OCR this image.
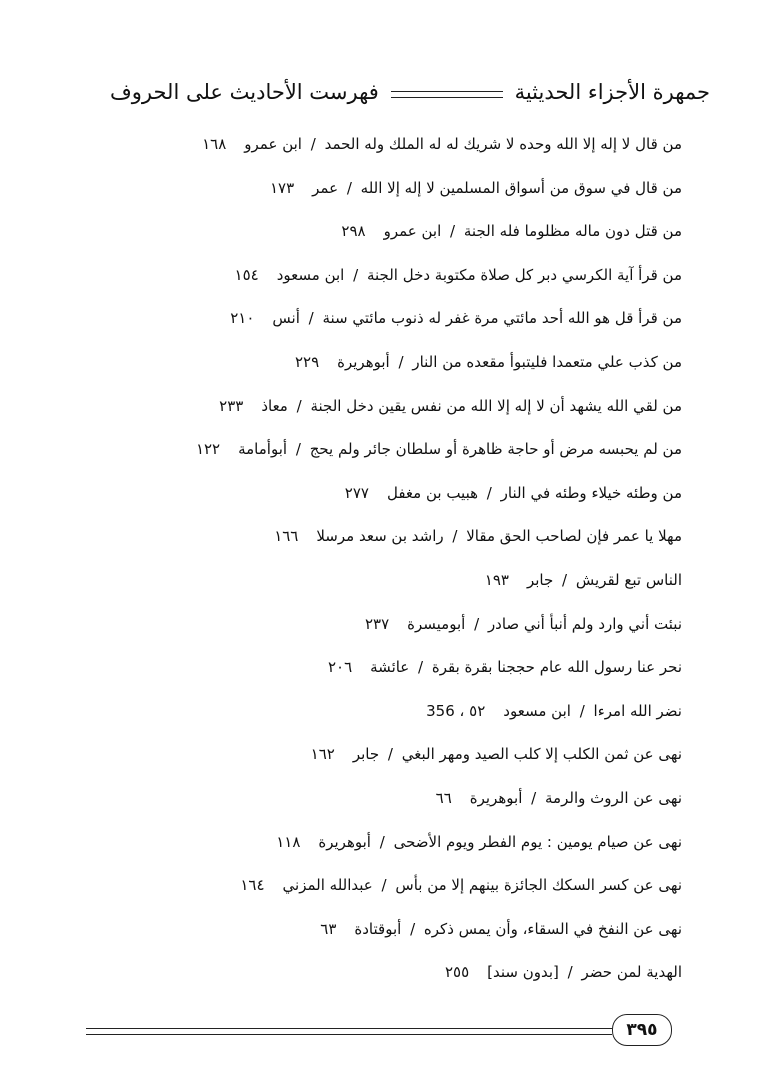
جمهرة الأجزاء الحديثية
فهرست الأحاديث على الحروف
من قال لا إله إلا الله وحده لا شريك له له الملك وله الحمد / ابن عمرو١٦٨
من قال في سوق من أسواق المسلمين لا إله إلا الله / عمر١٧٣
من قتل دون ماله مظلوما فله الجنة / ابن عمرو٢٩٨
من قرأ آية الكرسي دبر كل صلاة مكتوبة دخل الجنة / ابن مسعود١٥٤
من قرأ قل هو الله أحد مائتي مرة غفر له ذنوب مائتي سنة / أنس٢١٠
من كذب علي متعمدا فليتبوأ مقعده من النار / أبوهريرة٢٢٩
من لقي الله يشهد أن لا إله إلا الله من نفس يقين دخل الجنة / معاذ٢٣٣
من لم يحبسه مرض أو حاجة ظاهرة أو سلطان جائر ولم يحج / أبوأمامة١٢٢
من وطئه خيلاء وطئه في النار / هبيب بن مغفل٢٧٧
مهلا يا عمر فإن لصاحب الحق مقالا / راشد بن سعد مرسلا١٦٦
الناس تبع لقريش / جابر١٩٣
نبئت أني وارد ولم أنبأ أني صادر / أبوميسرة٢٣٧
نحر عنا رسول الله عام حججنا بقرة بقرة / عائشة٢٠٦
نضر الله امرءا / ابن مسعود٥٢ ، 356
نهى عن ثمن الكلب إلا كلب الصيد ومهر البغي / جابر١٦٢
نهى عن الروث والرمة / أبوهريرة٦٦
نهى عن صيام يومين : يوم الفطر ويوم الأضحى / أبوهريرة١١٨
نهى عن كسر السكك الجائزة بينهم إلا من بأس / عبدالله المزني١٦٤
نهى عن النفخ في السقاء، وأن يمس ذكره / أبوقتادة٦٣
الهدية لمن حضر / [بدون سند]٢٥٥
٣٩٥
